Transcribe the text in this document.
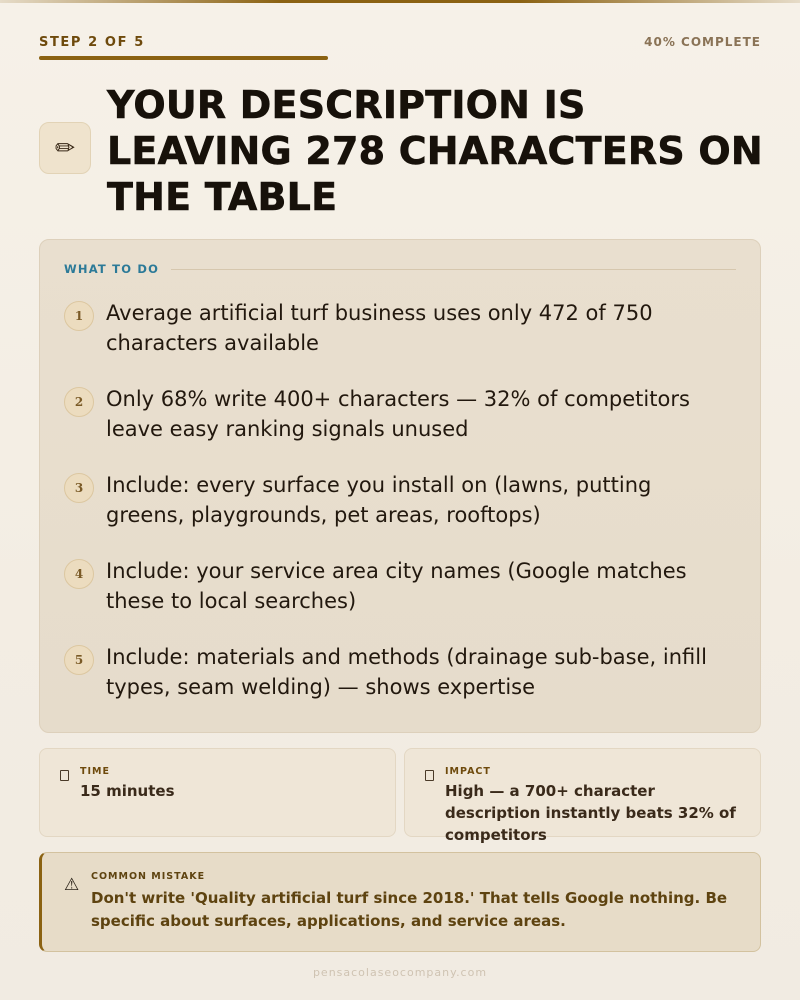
STEP 2 OF 5	40% COMPLETE
✏
YOUR DESCRIPTION IS LEAVING 278 CHARACTERS ON THE TABLE
WHAT TO DO
1	Average artificial turf business uses only 472 of 750 characters available

2	Only 68% write 400+ characters — 32% of competitors leave easy ranking signals unused

3	Include: every surface you install on (lawns, putting greens, playgrounds, pet areas, rooftops)

4	Include: your service area city names (Google matches these to local searches)

5	Include: materials and methods (drainage sub-base, infill types, seam welding) — shows expertise

TIME
15 minutes
IMPACT
High — a 700+ character description instantly beats 32% of competitors
⚠ COMMON MISTAKE

Don't write 'Quality artificial turf since 2018.' That tells Google nothing. Be specific about surfaces, applications, and service areas.

pensacolaseocompany.com
